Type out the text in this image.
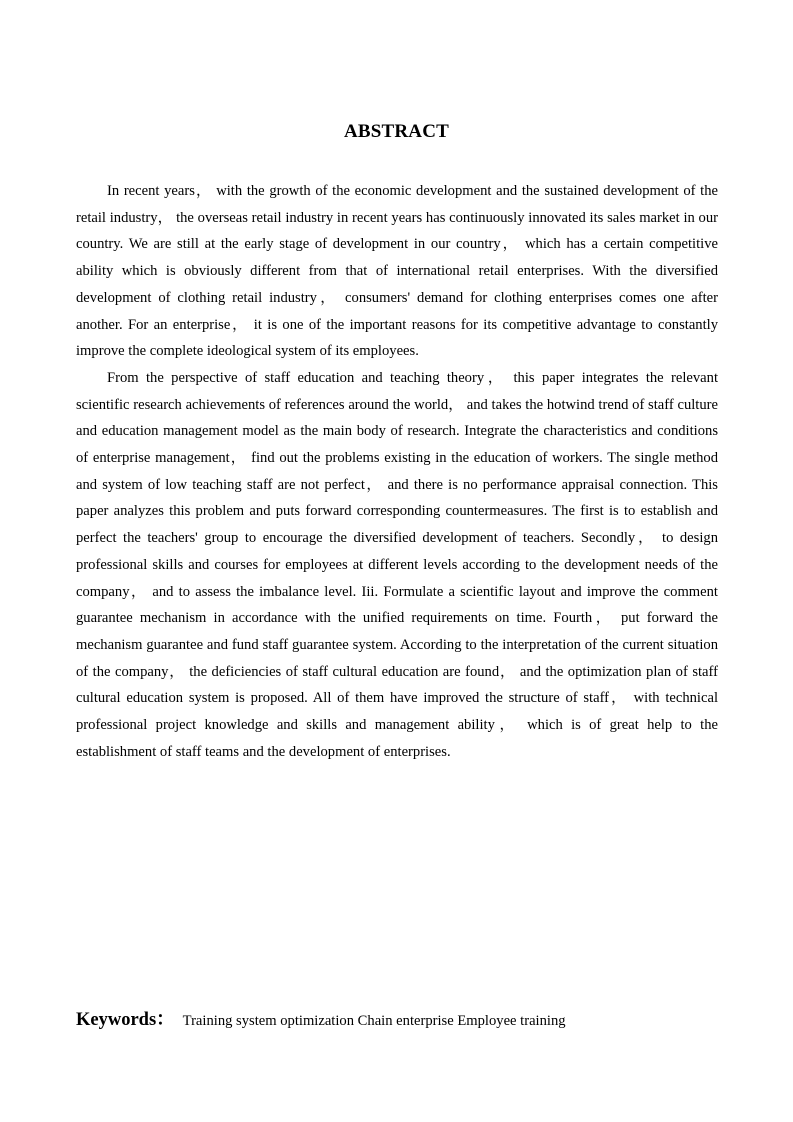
ABSTRACT

In recent years， with the growth of the economic development and the sustained development of the retail industry， the overseas retail industry in recent years has continuously innovated its sales market in our country. We are still at the early stage of development in our country， which has a certain competitive ability which is obviously different from that of international retail enterprises. With the diversified development of clothing retail industry， consumers' demand for clothing enterprises comes one after another. For an enterprise， it is one of the important reasons for its competitive advantage to constantly improve the complete ideological system of its employees.

From the perspective of staff education and teaching theory， this paper integrates the relevant scientific research achievements of references around the world， and takes the hotwind trend of staff culture and education management model as the main body of research. Integrate the characteristics and conditions of enterprise management， find out the problems existing in the education of workers. The single method and system of low teaching staff are not perfect， and there is no performance appraisal connection. This paper analyzes this problem and puts forward corresponding countermeasures. The first is to establish and perfect the teachers' group to encourage the diversified development of teachers. Secondly， to design professional skills and courses for employees at different levels according to the development needs of the company， and to assess the imbalance level. Iii. Formulate a scientific layout and improve the comment guarantee mechanism in accordance with the unified requirements on time. Fourth， put forward the mechanism guarantee and fund staff guarantee system. According to the interpretation of the current situation of the company， the deficiencies of staff cultural education are found， and the optimization plan of staff cultural education system is proposed. All of them have improved the structure of staff， with technical professional project knowledge and skills and management ability， which is of great help to the establishment of staff teams and the development of enterprises.

Keywords： Training system optimization Chain enterprise Employee training
